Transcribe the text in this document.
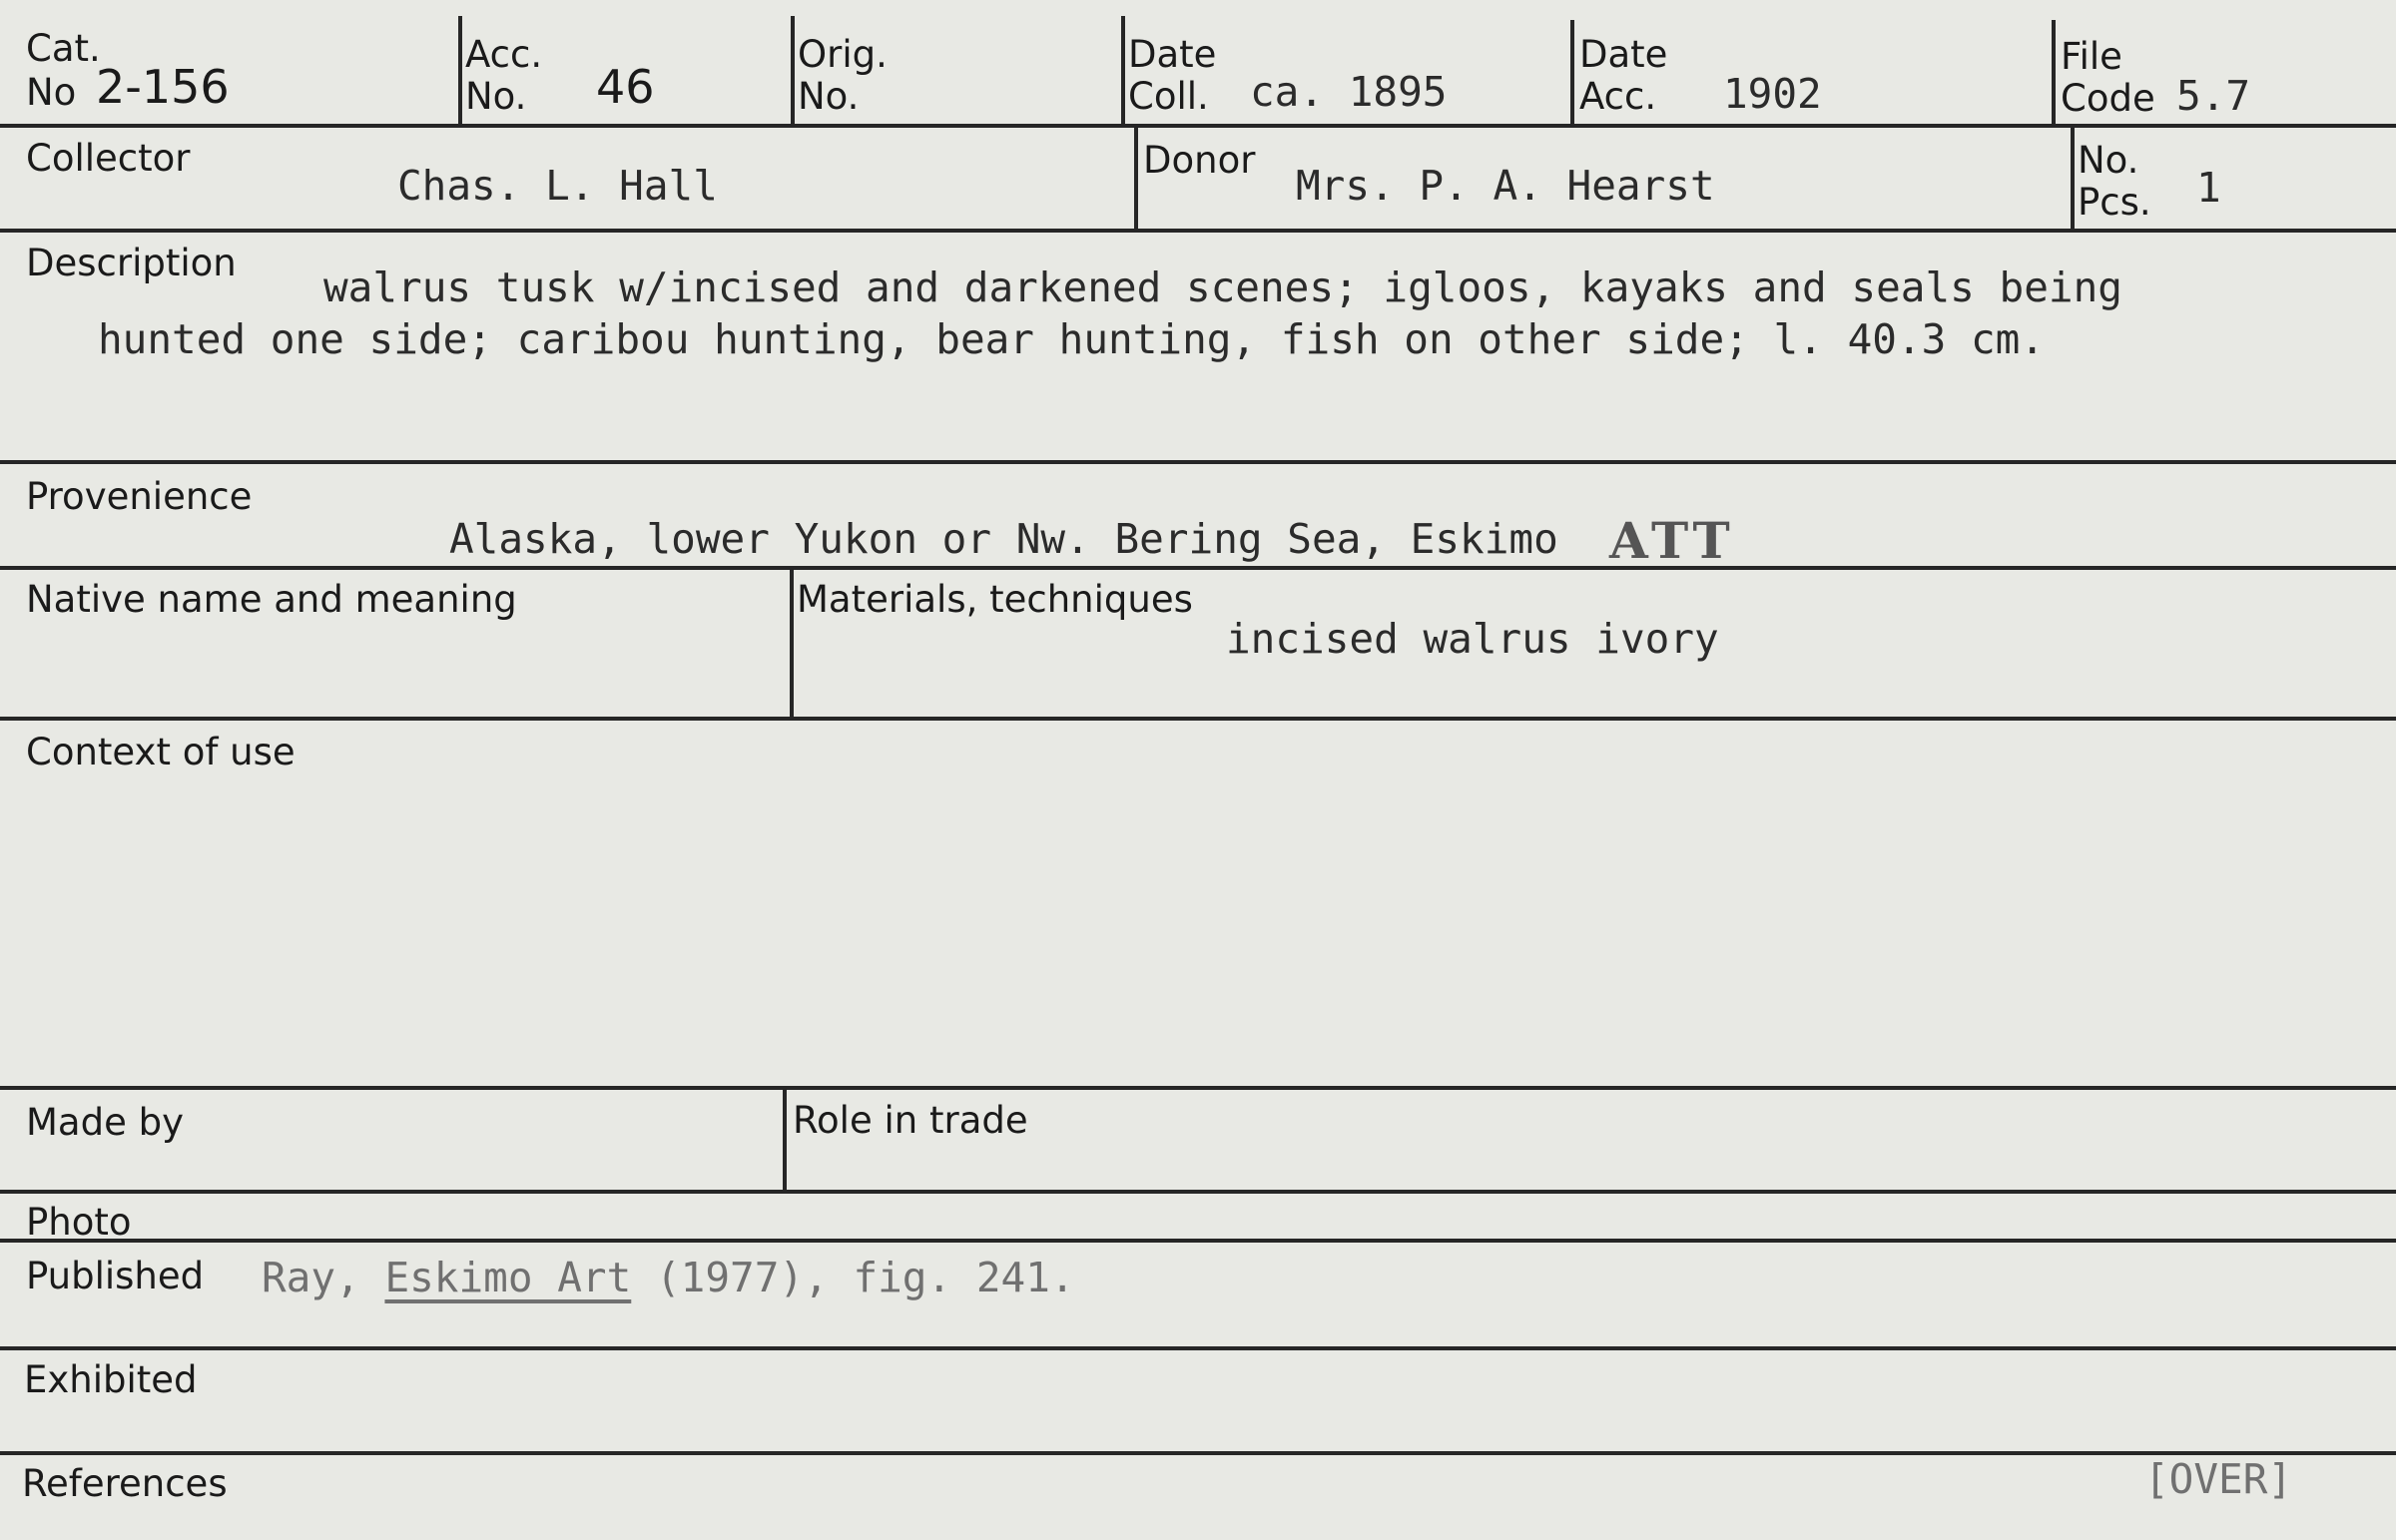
Cat.
No 2-156
Acc.
No. 46
Orig.
No.
Date
Coll. ca. 1895
Date
Acc. 1902
File
Code 5.7
Collector
Chas. L. Hall
Donor
Mrs. P. A. Hearst
No.
Pcs. 1
Description
walrus tusk w/incised and darkened scenes; igloos, kayaks and seals being
hunted one side; caribou hunting, bear hunting, fish on other side; l. 40.3 cm.
Provenience
Alaska, lower Yukon or Nw. Bering Sea, Eskimo ATT
Native name and meaning	Materials, techniques
incised walrus ivory
Context of use
Made by	Role in trade
Photo
Published Ray, Eskimo Art (1977), fig. 241.
Exhibited
References	[OVER]
